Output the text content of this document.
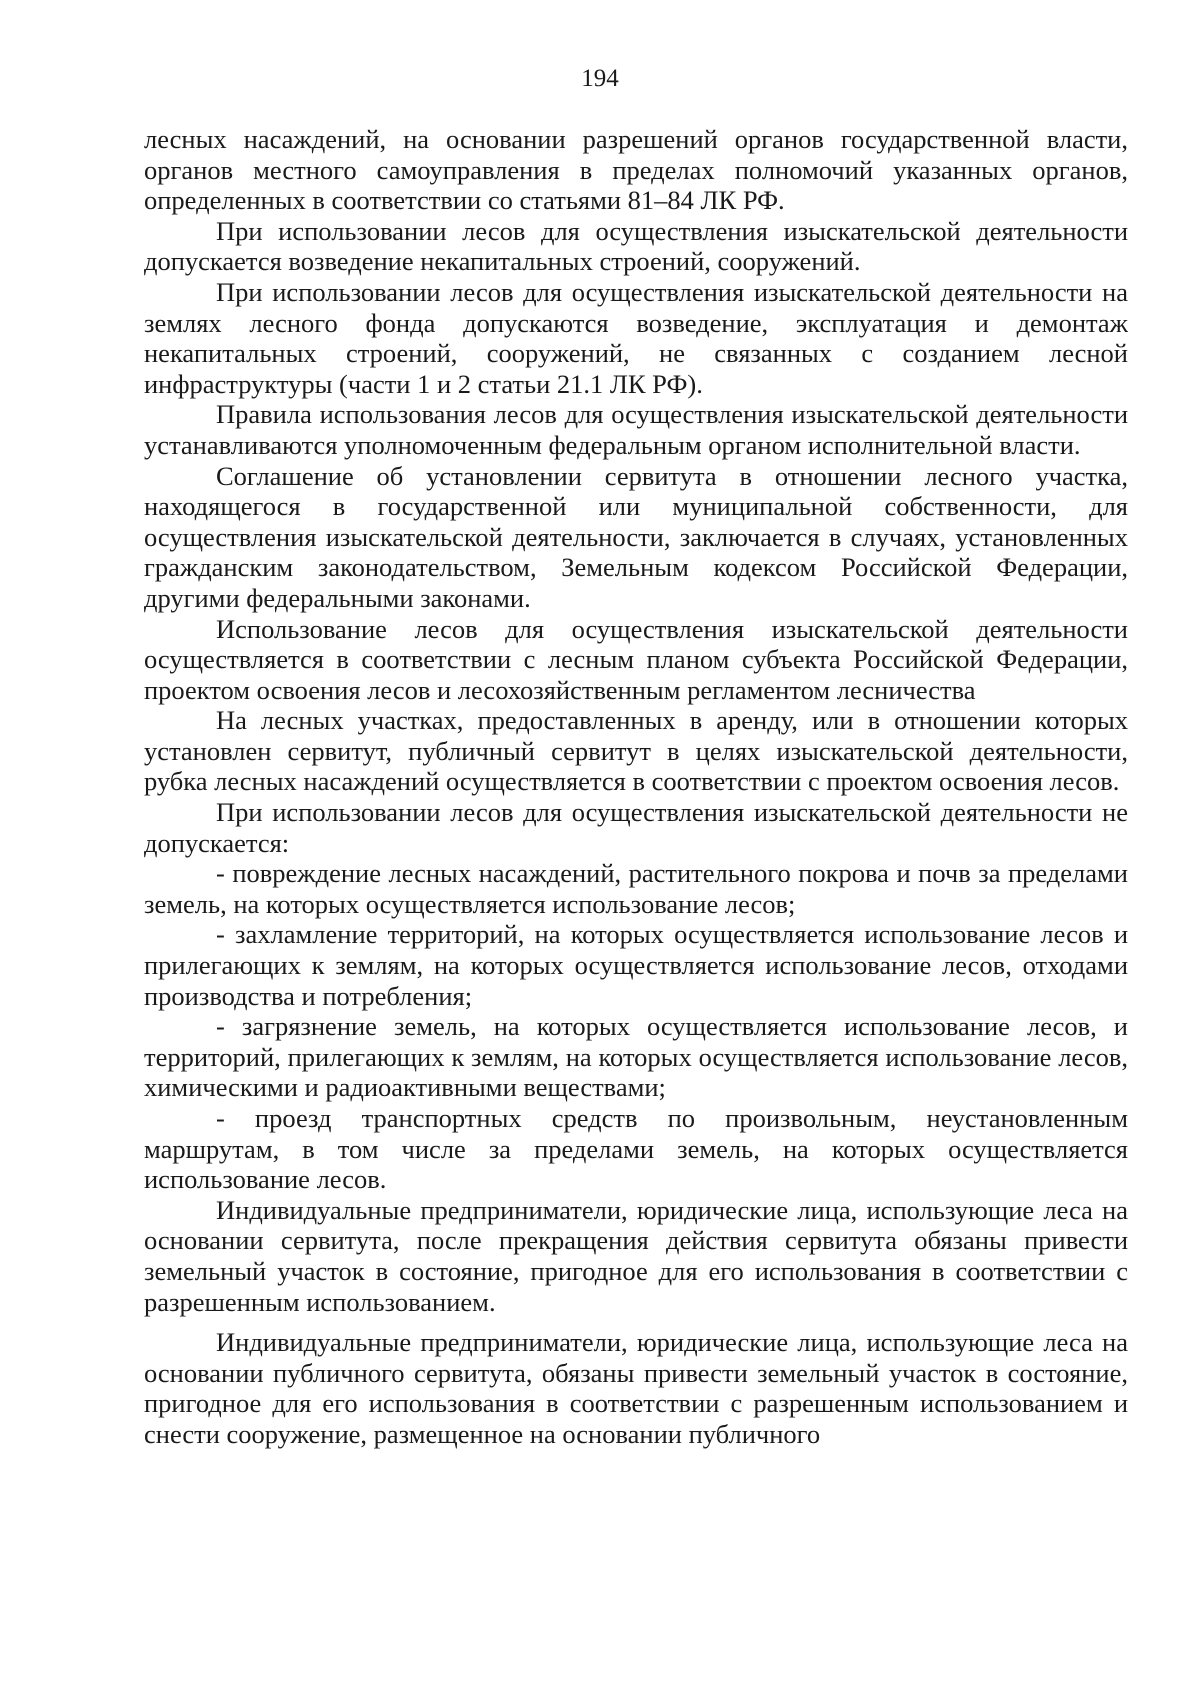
194

лесных насаждений, на основании разрешений органов государственной власти, органов местного самоуправления в пределах полномочий указанных органов, определенных в соответствии со статьями 81–84 ЛК РФ.

При использовании лесов для осуществления изыскательской деятельности допускается возведение некапитальных строений, сооружений.

При использовании лесов для осуществления изыскательской деятельности на землях лесного фонда допускаются возведение, эксплуатация и демонтаж некапитальных строений, сооружений, не связанных с созданием лесной инфраструктуры (части 1 и 2 статьи 21.1 ЛК РФ).

Правила использования лесов для осуществления изыскательской деятельности устанавливаются уполномоченным федеральным органом исполнительной власти.

Соглашение об установлении сервитута в отношении лесного участка, находящегося в государственной или муниципальной собственности, для осуществления изыскательской деятельности, заключается в случаях, установленных гражданским законодательством, Земельным кодексом Российской Федерации, другими федеральными законами.

Использование лесов для осуществления изыскательской деятельности осуществляется в соответствии с лесным планом субъекта Российской Федерации, проектом освоения лесов и лесохозяйственным регламентом лесничества

На лесных участках, предоставленных в аренду, или в отношении которых установлен сервитут, публичный сервитут в целях изыскательской деятельности, рубка лесных насаждений осуществляется в соответствии с проектом освоения лесов.

При использовании лесов для осуществления изыскательской деятельности не допускается:

- повреждение лесных насаждений, растительного покрова и почв за пределами земель, на которых осуществляется использование лесов;

- захламление территорий, на которых осуществляется использование лесов и прилегающих к землям, на которых осуществляется использование лесов, отходами производства и потребления;

- загрязнение земель, на которых осуществляется использование лесов, и территорий, прилегающих к землям, на которых осуществляется использование лесов, химическими и радиоактивными веществами;

- проезд транспортных средств по произвольным, неустановленным маршрутам, в том числе за пределами земель, на которых осуществляется использование лесов.

Индивидуальные предприниматели, юридические лица, использующие леса на основании сервитута, после прекращения действия сервитута обязаны привести земельный участок в состояние, пригодное для его использования в соответствии с разрешенным использованием.

Индивидуальные предприниматели, юридические лица, использующие леса на основании публичного сервитута, обязаны привести земельный участок в состояние, пригодное для его использования в соответствии с разрешенным использованием и снести сооружение, размещенное на основании публичного
